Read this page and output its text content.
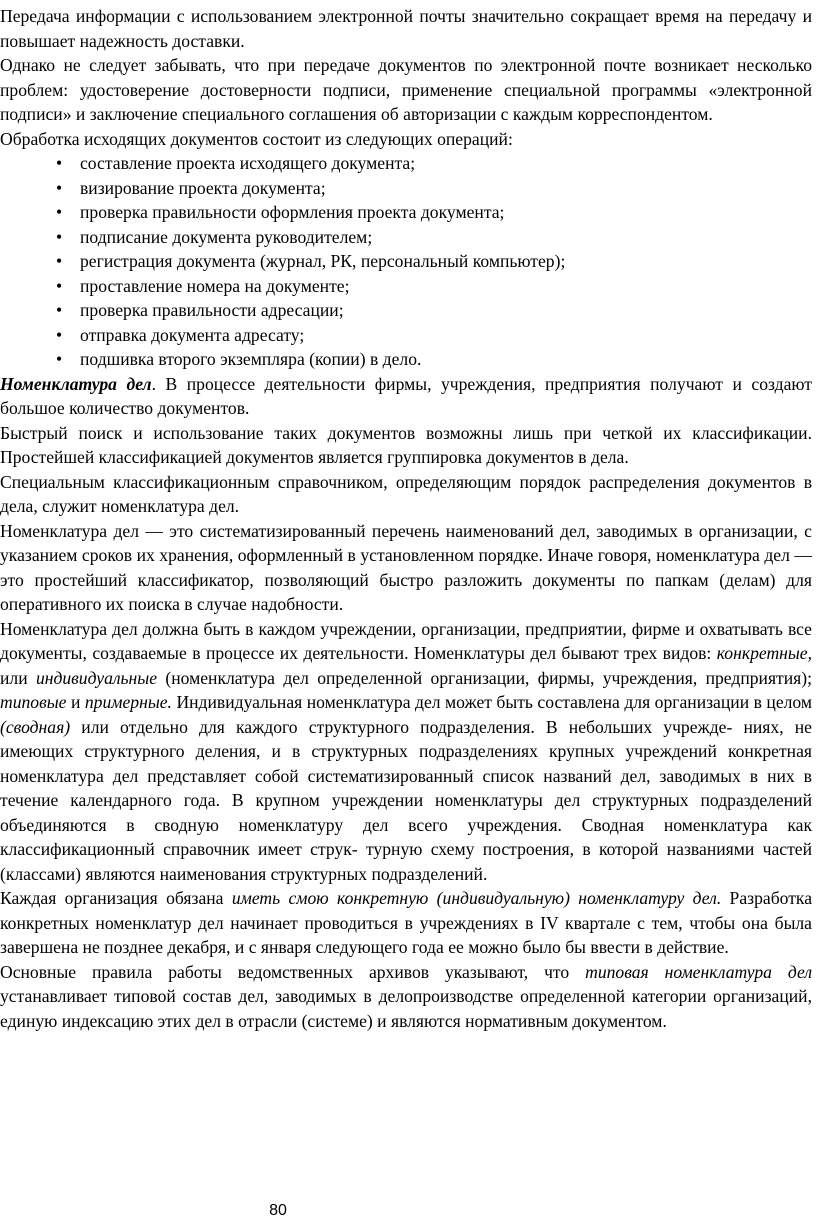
Передача информации с использованием электронной почты значительно сокращает время на передачу и повышает надежность доставки.

Однако не следует забывать, что при передаче документов по электронной почте возникает несколько проблем: удостоверение достоверности подписи, применение специальной программы «электронной подписи» и заключение специального соглашения об авторизации с каждым корреспондентом.

Обработка исходящих документов состоит из следующих операций:

• составление проекта исходящего документа;
• визирование проекта документа;
• проверка правильности оформления проекта документа;
• подписание документа руководителем;
• регистрация документа (журнал, РК, персональный компьютер);
• проставление номера на документе;
• проверка правильности адресации;
• отправка документа адресату;
• подшивка второго экземпляра (копии) в дело.

Номенклатура дел. В процессе деятельности фирмы, учреждения, предприятия получают и создают большое количество документов.

Быстрый поиск и использование таких документов возможны лишь при четкой их классификации. Простейшей классификацией документов является группировка документов в дела.

Специальным классификационным справочником, определяющим порядок распределения документов в дела, служит номенклатура дел.

Номенклатура дел — это систематизированный перечень наименований дел, заводимых в организации, с указанием сроков их хранения, оформленный в установленном порядке. Иначе говоря, номенклатура дел — это простейший классификатор, позволяющий быстро разложить документы по папкам (делам) для оперативного их поиска в случае надобности.

Номенклатура дел должна быть в каждом учреждении, организации, предприятии, фирме и охватывать все документы, создаваемые в процессе их деятельности. Номенклатуры дел бывают трех видов: конкретные, или индивидуальные (номенклатура дел определенной организации, фирмы, учреждения, предприятия); типовые и примерные. Индивидуальная номенклатура дел может быть составлена для организации в целом (сводная) или отдельно для каждого структурного подразделения. В небольших учрежде- ниях, не имеющих структурного деления, и в структурных подразделениях крупных учреждений конкретная номенклатура дел представляет собой систематизированный список названий дел, заводимых в них в течение календарного года. В крупном учреждении номенклатуры дел структурных подразделений объединяются в сводную номенклатуру дел всего учреждения. Сводная номенклатура как классификационный справочник имеет струк- турную схему построения, в которой названиями частей (классами) являются наименования структурных подразделений.

Каждая организация обязана иметь смою конкретную (индивидуальную) номенклатуру дел. Разработка конкретных номенклатур дел начинает проводиться в учреждениях в IV квартале с тем, чтобы она была завершена не позднее декабря, и с января следующего года ее можно было бы ввести в действие.

Основные правила работы ведомственных архивов указывают, что типовая номенклатура дел устанавливает типовой состав дел, заводимых в делопроизводстве определенной категории организаций, единую индексацию этих дел в отрасли (системе) и являются нормативным документом.

80
